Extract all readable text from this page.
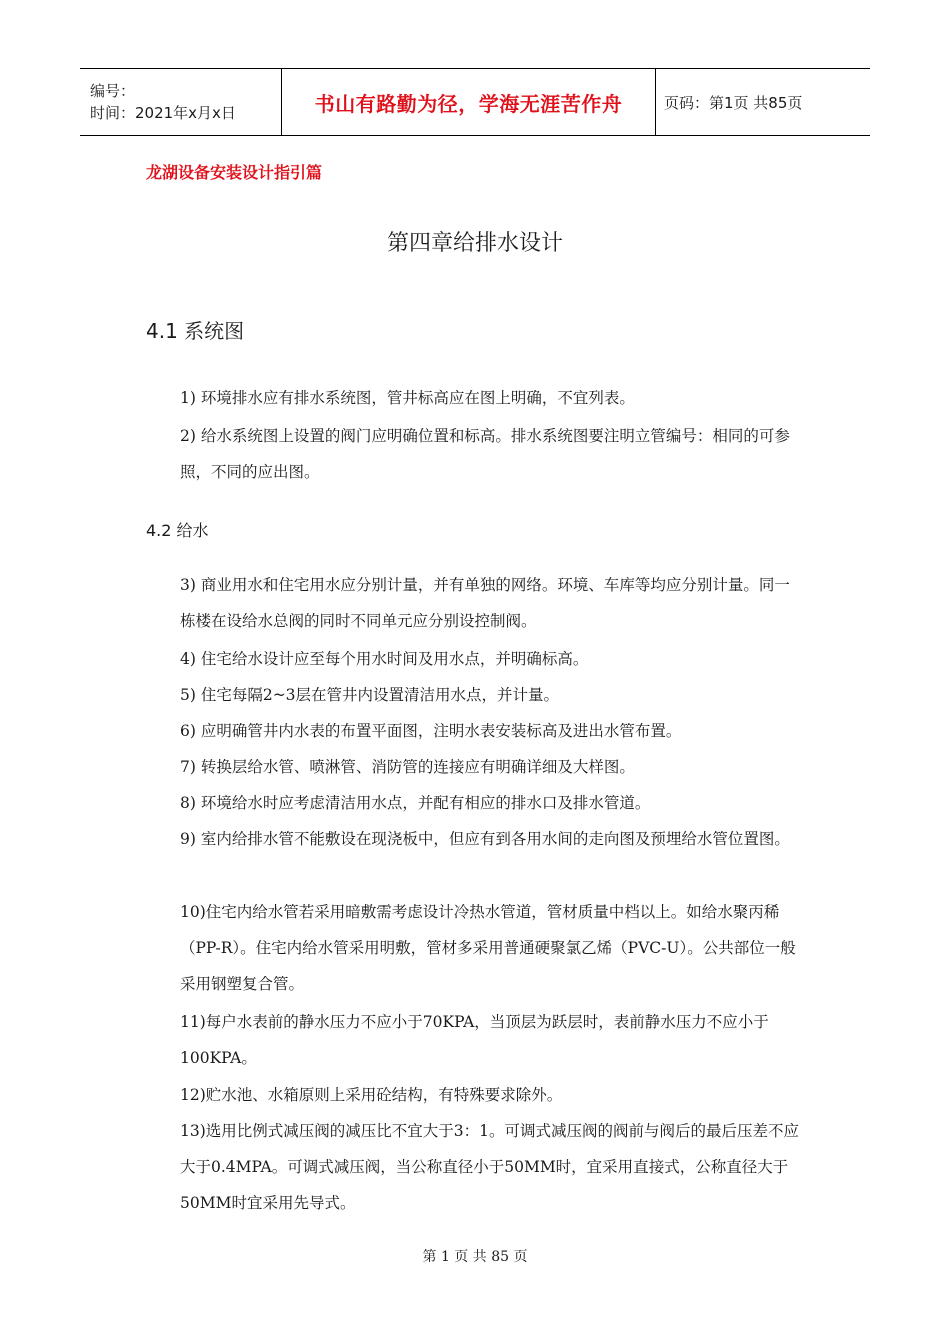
编号：
时间：2021年x月x日	书山有路勤为径，学海无涯苦作舟	页码：第1页 共85页
龙湖设备安装设计指引篇
第四章给排水设计
4.1 系统图

1) 环境排水应有排水系统图，管井标高应在图上明确，不宜列表。

2) 给水系统图上设置的阀门应明确位置和标高。排水系统图要注明立管编号：相同的可参照，不同的应出图。

4.2 给水

3) 商业用水和住宅用水应分别计量，并有单独的网络。环境、车库等均应分别计量。同一栋楼在设给水总阀的同时不同单元应分别设控制阀。

4) 住宅给水设计应至每个用水时间及用水点，并明确标高。

5) 住宅每隔2~3层在管井内设置清洁用水点，并计量。

6) 应明确管井内水表的布置平面图，注明水表安装标高及进出水管布置。

7) 转换层给水管、喷淋管、消防管的连接应有明确详细及大样图。

8) 环境给水时应考虑清洁用水点，并配有相应的排水口及排水管道。

9) 室内给排水管不能敷设在现浇板中，但应有到各用水间的走向图及预埋给水管位置图。

10)住宅内给水管若采用暗敷需考虑设计冷热水管道，管材质量中档以上。如给水聚丙稀（PP-R）。住宅内给水管采用明敷，管材多采用普通硬聚氯乙烯（PVC-U）。公共部位一般采用钢塑复合管。

11)每户水表前的静水压力不应小于70KPA，当顶层为跃层时，表前静水压力不应小于100KPA。

12)贮水池、水箱原则上采用砼结构，有特殊要求除外。

13)选用比例式减压阀的减压比不宜大于3：1。可调式减压阀的阀前与阀后的最后压差不应大于0.4MPA。可调式减压阀，当公称直径小于50MM时，宜采用直接式，公称直径大于50MM时宜采用先导式。

第 1 页 共 85 页
